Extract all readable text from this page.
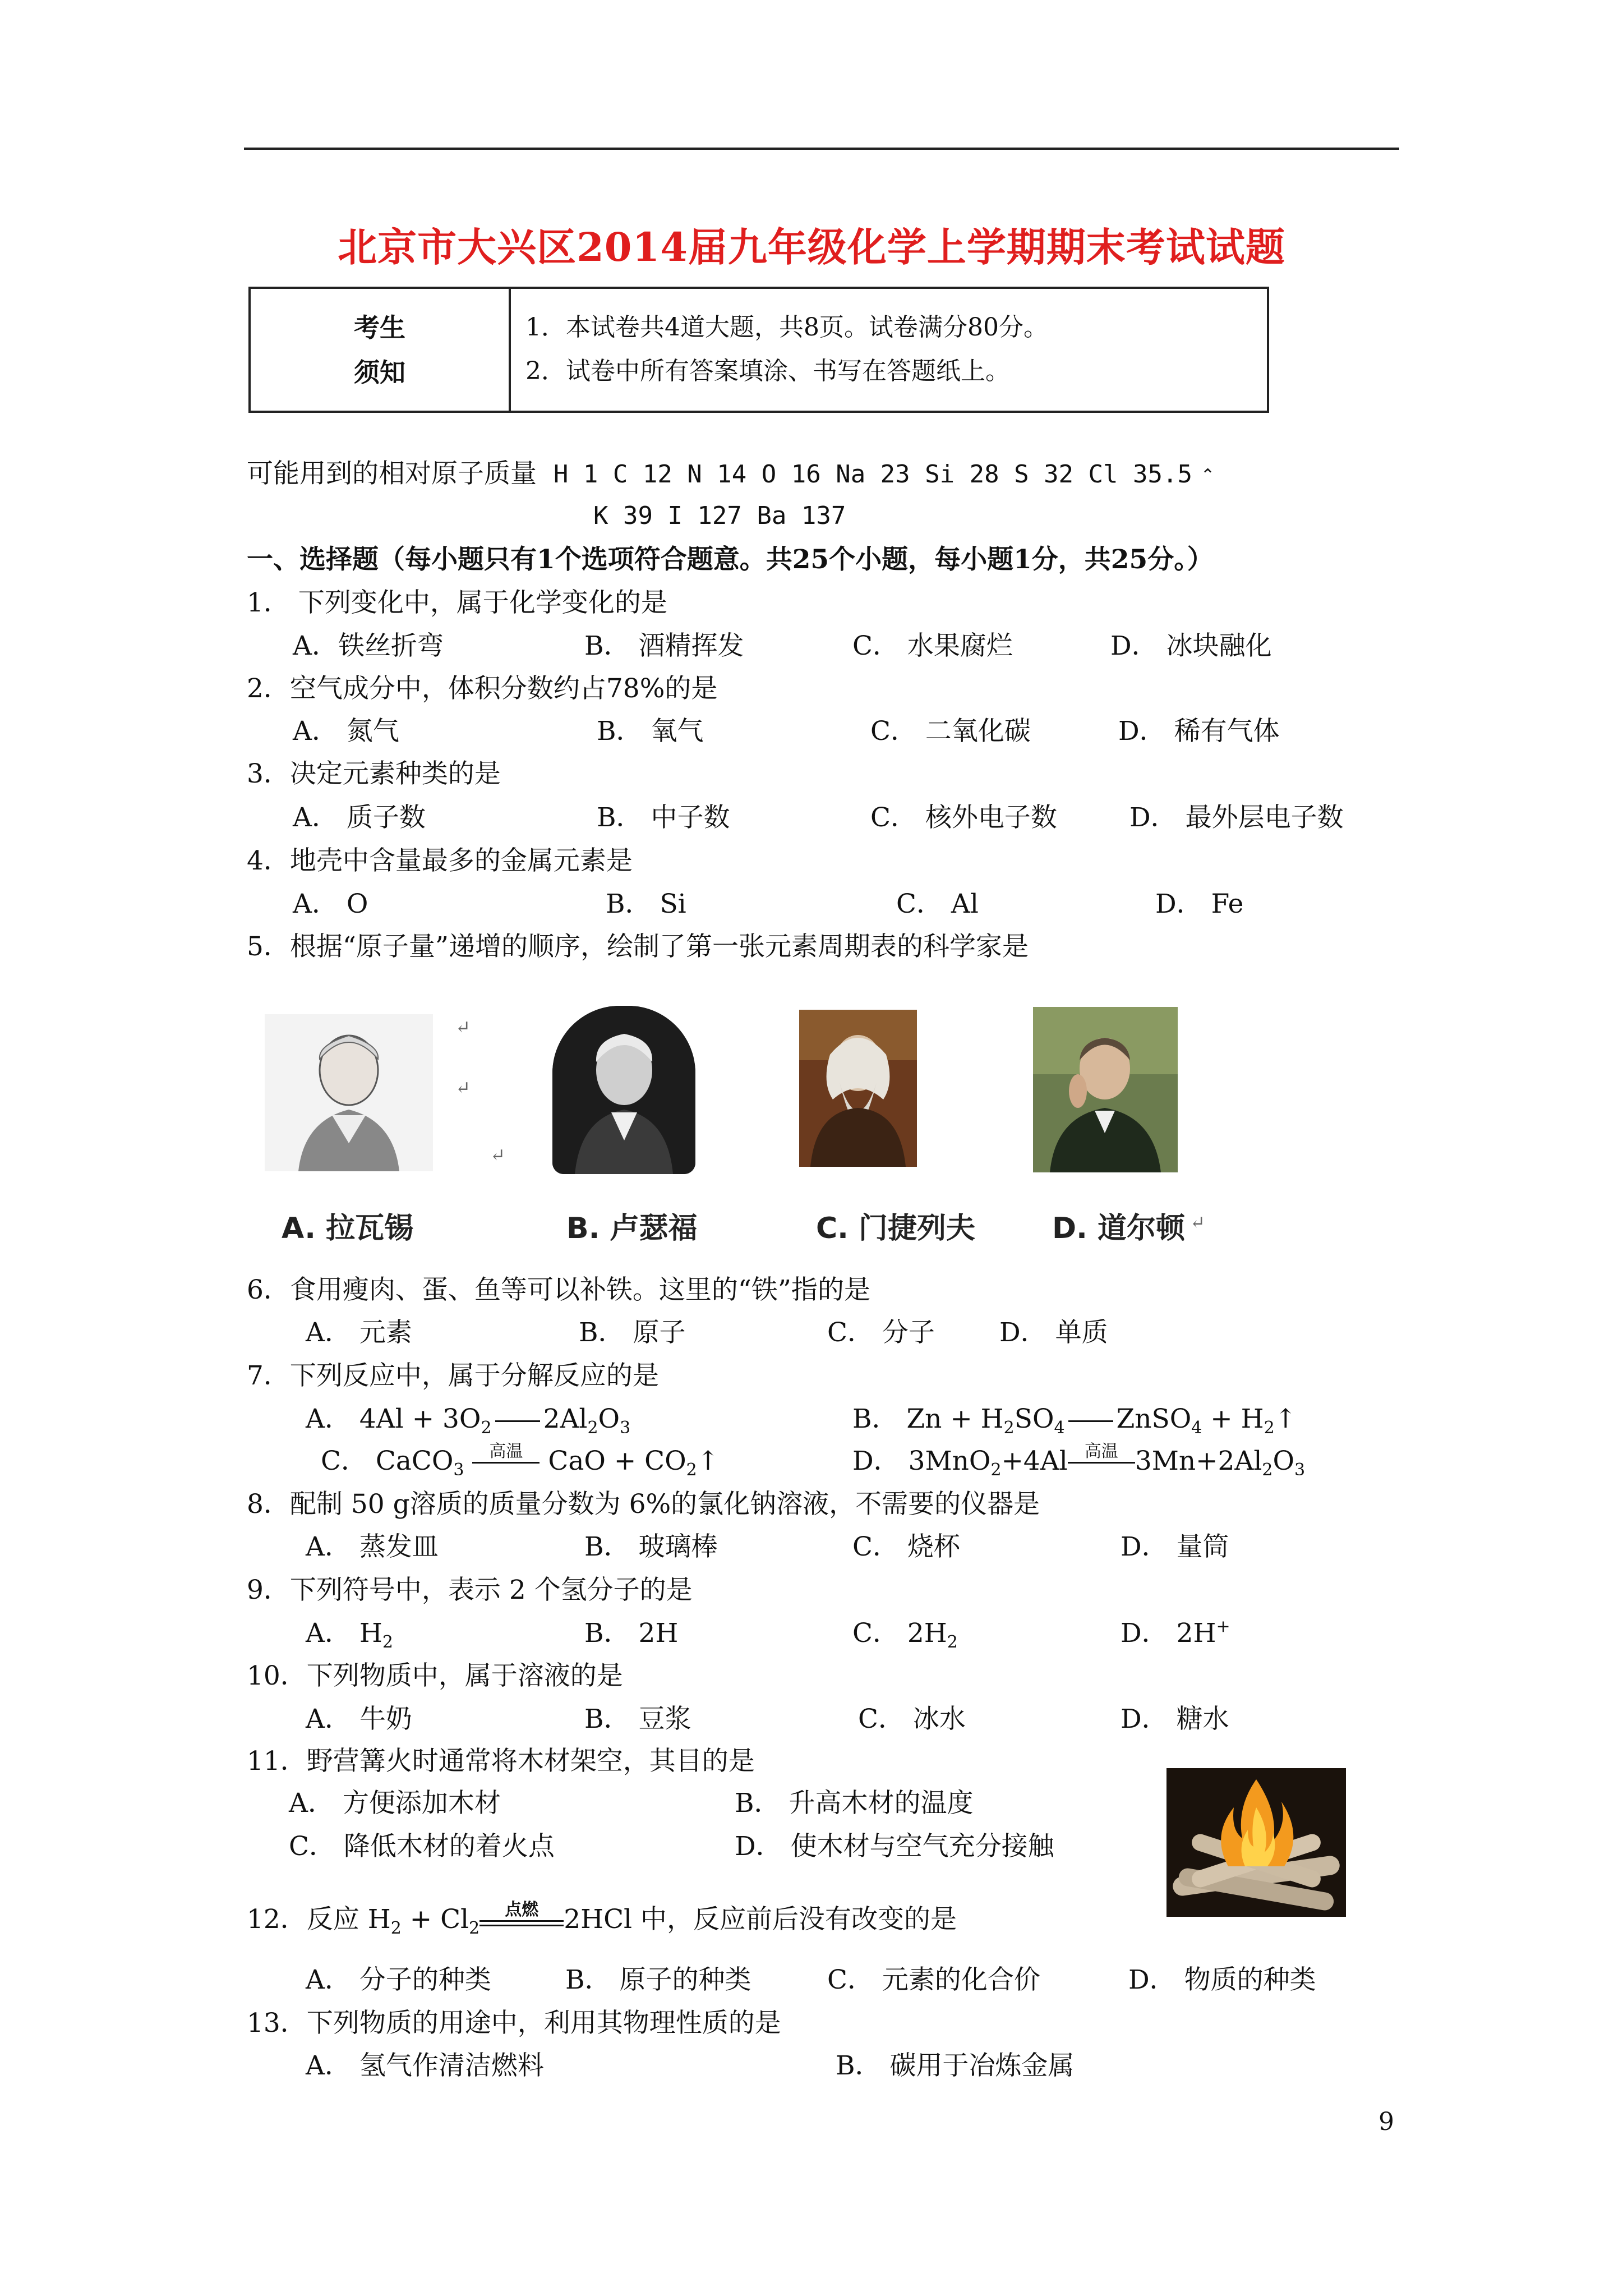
北京市大兴区2014届九年级化学上学期期末考试试题
考生
须知
1．本试卷共4道大题，共8页。试卷满分80分。
2．试卷中所有答案填涂、书写在答题纸上。
可能用到的相对原子质量 H 1 C 12 N 14 O 16 Na 23 Si 28 S 32 Cl 35.5 ⌃
K 39 I 127 Ba 137
一、选择题（每小题只有1个选项符合题意。共25个小题，每小题1分，共25分。）
1． 下列变化中，属于化学变化的是
A．铁丝折弯	B． 酒精挥发	C． 水果腐烂	D． 冰块融化
2．空气成分中，体积分数约占78%的是
A． 氮气	B． 氧气	C． 二氧化碳	D． 稀有气体
3．决定元素种类的是
A． 质子数	B． 中子数	C． 核外电子数	D． 最外层电子数
4．地壳中含量最多的金属元素是
A． O	B． Si	C． Al	D． Fe
5．根据“原子量”递增的顺序，绘制了第一张元素周期表的科学家是
↵
↵
↵
A. 拉瓦锡	B. 卢瑟福	C. 门捷列夫	D. 道尔顿 ↵
6．食用瘦肉、蛋、鱼等可以补铁。这里的“铁”指的是
A． 元素	B． 原子	C． 分子 D． 单质
7．下列反应中，属于分解反应的是
A． $4Al + 3O_2$ $2Al_2O_3$	B． $Zn + H_2SO_4$ ZnSO$_4$ + $H_2↑$
C． CaCO$_3$
高温 CaO + $CO_2↑$	D． 3MnO$_2$+4Al	高温 $3Mn+2Al_2O_3$
8．配制 50 g溶质的质量分数为 6%的氯化钠溶液，不需要的仪器是
A． 蒸发皿	B． 玻璃棒	C． 烧杯	D． 量筒
9．下列符号中，表示 2 个氢分子的是
A． $H_2$	B． 2H	C． $2H_2$	D． 2H+
10．下列物质中，属于溶液的是
A． 牛奶	B． 豆浆	C． 冰水	D． 糖水
11．野营篝火时通常将木材架空，其目的是
A． 方便添加木材	B． 升高木材的温度
C． 降低木材的着火点	D． 使木材与空气充分接触
12．反应 $H_2 + Cl_2$
点燃 2HCl 中，反应前后没有改变的是
A． 分子的种类	B． 原子的种类	C． 元素的化合价	D． 物质的种类
13．下列物质的用途中，利用其物理性质的是
A． 氢气作清洁燃料	B． 碳用于冶炼金属
9
